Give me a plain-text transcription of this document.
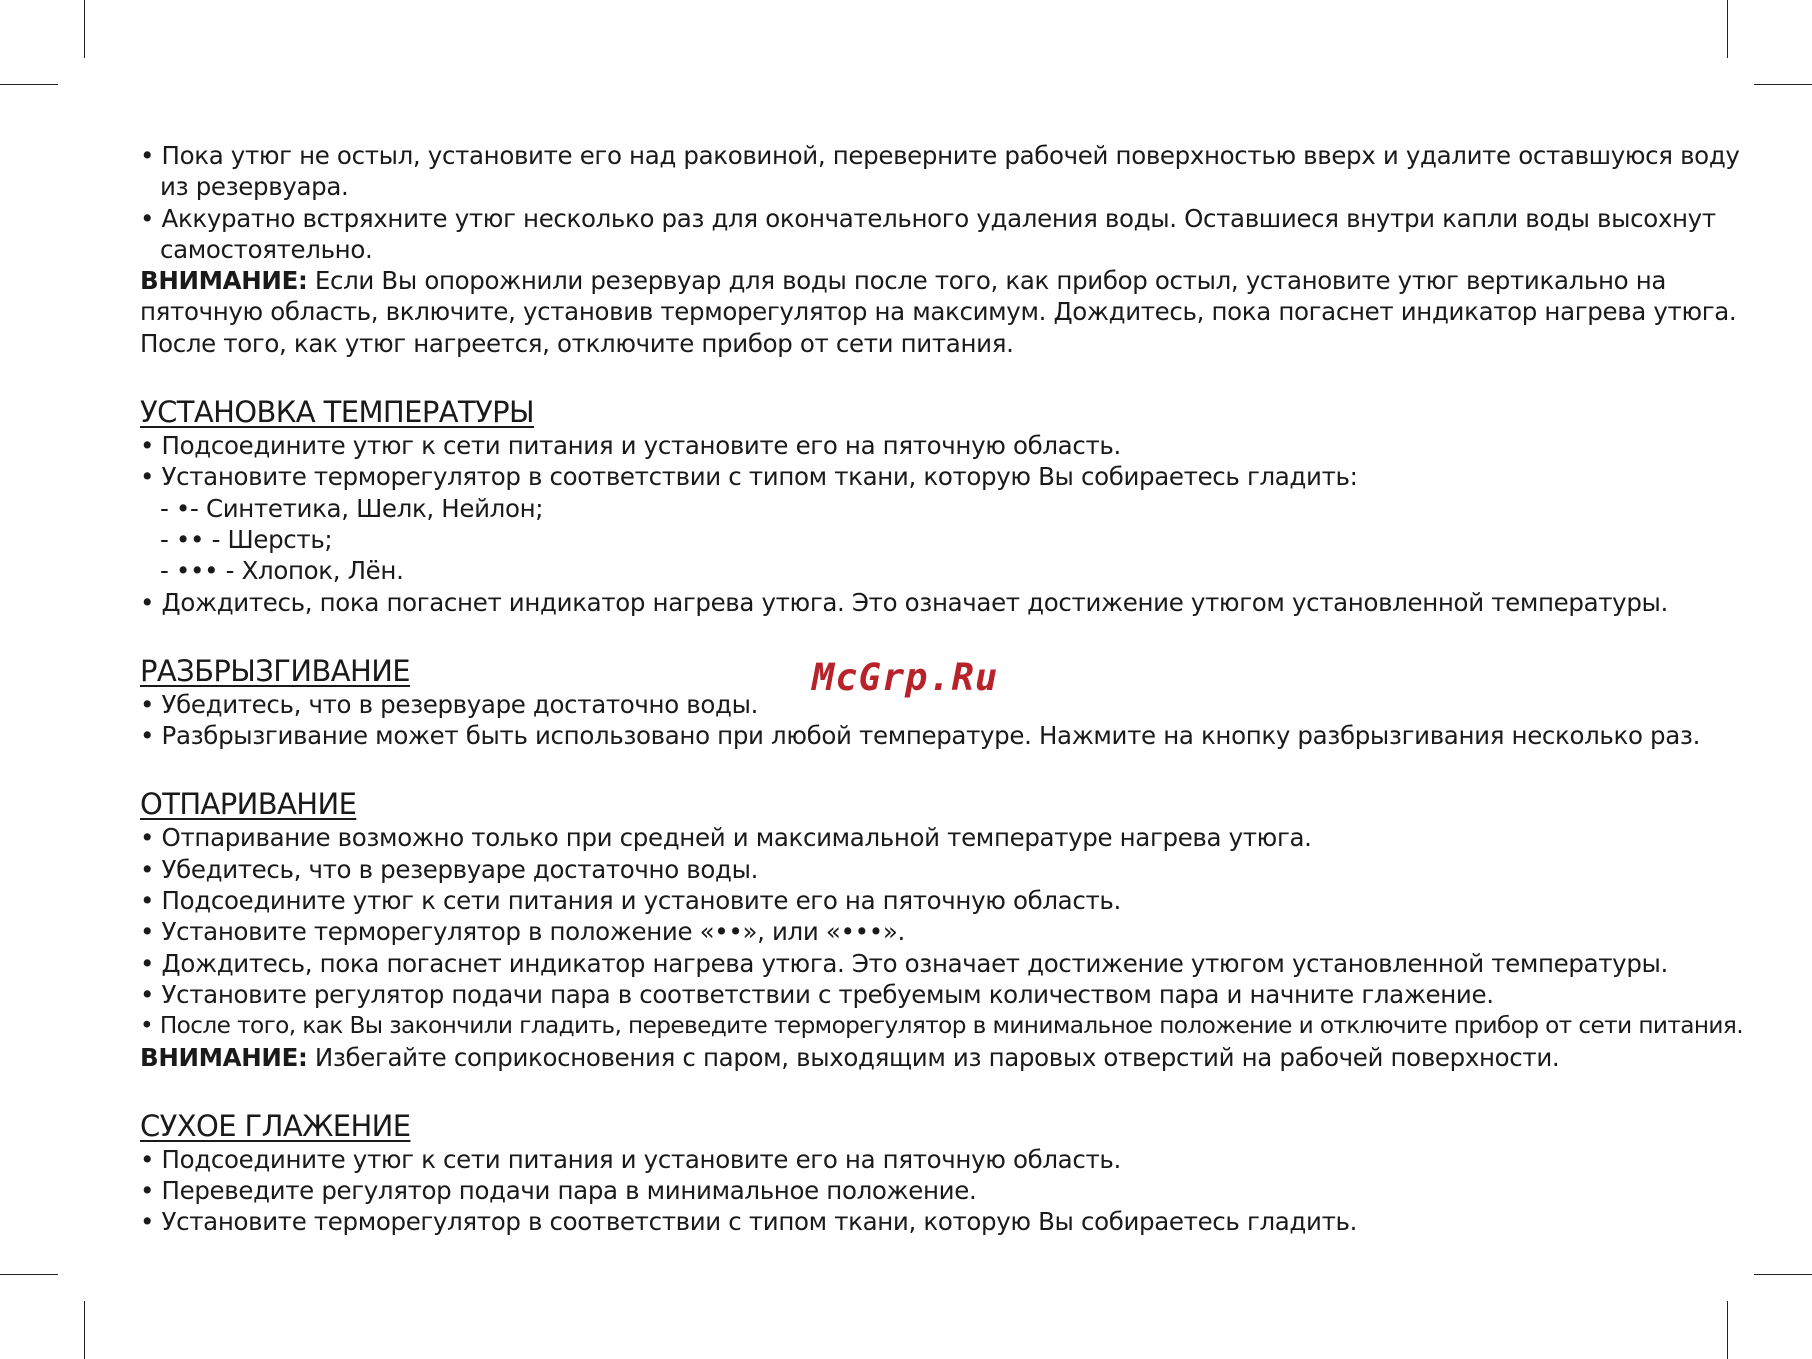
• Пока утюг не остыл, установите его над раковиной, переверните рабочей поверхностью вверх и удалите оставшуюся воду
из резервуара.
• Аккуратно встряхните утюг несколько раз для окончательного удаления воды. Оставшиеся внутри капли воды высохнут
самостоятельно.
ВНИМАНИЕ: Если Вы опорожнили резервуар для воды после того, как прибор остыл, установите утюг вертикально на
пяточную область, включите, установив терморегулятор на максимум. Дождитесь, пока погаснет индикатор нагрева утюга.
После того, как утюг нагреется, отключите прибор от сети питания.
УСТАНОВКА ТЕМПЕРАТУРЫ
• Подсоедините утюг к сети питания и установите его на пяточную область.
• Установите терморегулятор в соответствии с типом ткани, которую Вы собираетесь гладить:
- •- Синтетика, Шелк, Нейлон;
- •• - Шерсть;
- ••• - Хлопок, Лён.
• Дождитесь, пока погаснет индикатор нагрева утюга. Это означает достижение утюгом установленной температуры.
РАЗБРЫЗГИВАНИЕ
• Убедитесь, что в резервуаре достаточно воды.
• Разбрызгивание может быть использовано при любой температуре. Нажмите на кнопку разбрызгивания несколько раз.
ОТПАРИВАНИЕ
• Отпаривание возможно только при средней и максимальной температуре нагрева утюга.
• Убедитесь, что в резервуаре достаточно воды.
• Подсоедините утюг к сети питания и установите его на пяточную область.
• Установите терморегулятор в положение «••», или «•••».
• Дождитесь, пока погаснет индикатор нагрева утюга. Это означает достижение утюгом установленной температуры.
• Установите регулятор подачи пара в соответствии с требуемым количеством пара и начните глажение.
• После того, как Вы закончили гладить, переведите терморегулятор в минимальное положение и отключите прибор от сети питания.
ВНИМАНИЕ: Избегайте соприкосновения с паром, выходящим из паровых отверстий на рабочей поверхности.
СУХОЕ ГЛАЖЕНИЕ
• Подсоедините утюг к сети питания и установите его на пяточную область.
• Переведите регулятор подачи пара в минимальное положение.
• Установите терморегулятор в соответствии с типом ткани, которую Вы собираетесь гладить.
McGrp.Ru
